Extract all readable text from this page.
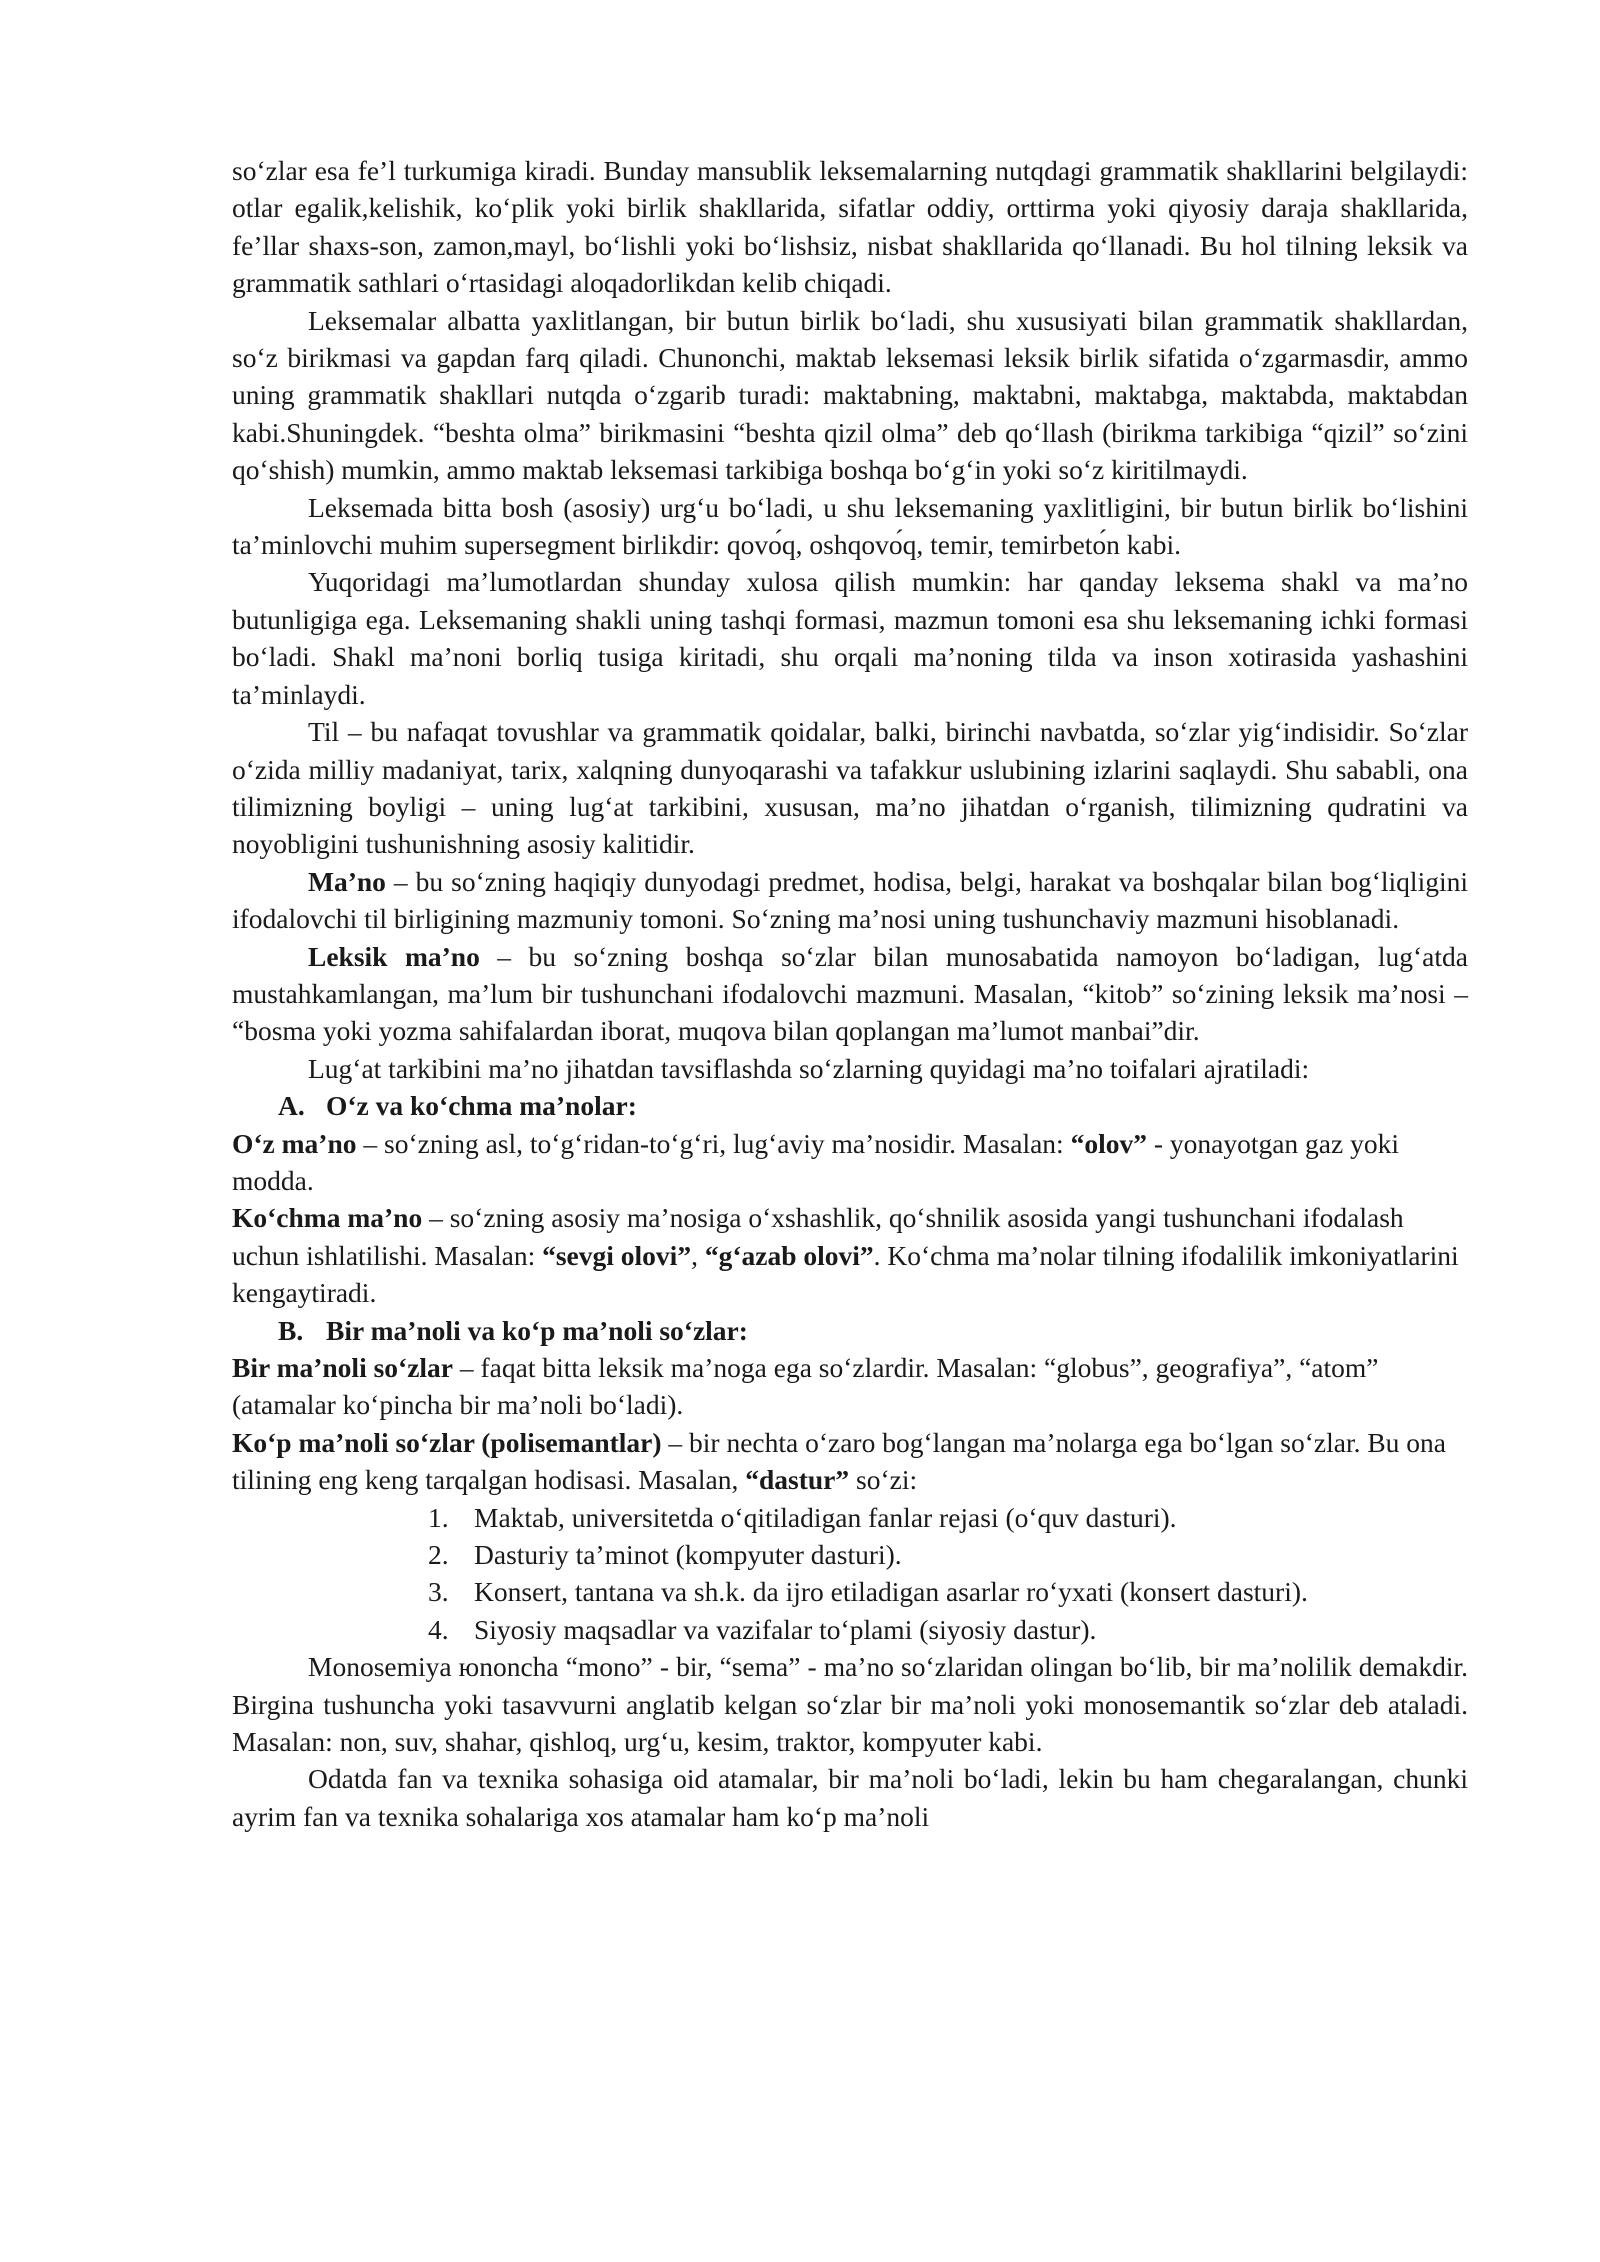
so‘zlar esa fe’l turkumiga kiradi. Bunday mansublik leksemalarning nutqdagi grammatik shakllarini belgilaydi: otlar egalik,kelishik, ko‘plik yoki birlik shakllarida, sifatlar oddiy, orttirma yoki qiyosiy daraja shakllarida, fe’llar shaxs-son, zamon,mayl, bo‘lishli yoki bo‘lishsiz, nisbat shakllarida qo‘llanadi. Bu hol tilning leksik va grammatik sathlari o‘rtasidagi aloqadorlikdan kelib chiqadi.

Leksemalar albatta yaxlitlangan, bir butun birlik bo‘ladi, shu xususiyati bilan grammatik shakllardan, so‘z birikmasi va gapdan farq qiladi. Chunonchi, maktab leksemasi leksik birlik sifatida o‘zgarmasdir, ammo uning grammatik shakllari nutqda o‘zgarib turadi: maktabning, maktabni, maktabga, maktabda, maktabdan kabi.Shuningdek. “beshta olma” birikmasini “beshta qizil olma” deb qo‘llash (birikma tarkibiga “qizil” so‘zini qo‘shish) mumkin, ammo maktab leksemasi tarkibiga boshqa bo‘g‘in yoki so‘z kiritilmaydi.

Leksemada bitta bosh (asosiy) urg‘u bo‘ladi, u shu leksemaning yaxlitligini, bir butun birlik bo‘lishini ta’minlovchi muhim supersegment birlikdir: qovо́q, oshqovо́q, temir, temirbetо́n kabi.

Yuqoridagi ma’lumotlardan shunday xulosa qilish mumkin: har qanday leksema shakl va ma’no butunligiga ega. Leksemaning shakli uning tashqi formasi, mazmun tomoni esa shu leksemaning ichki formasi bo‘ladi. Shakl ma’noni borliq tusiga kiritadi, shu orqali ma’noning tilda va inson xotirasida yashashini ta’minlaydi.

Til – bu nafaqat tovushlar va grammatik qoidalar, balki, birinchi navbatda, so‘zlar yig‘indisidir. So‘zlar o‘zida milliy madaniyat, tarix, xalqning dunyoqarashi va tafakkur uslubining izlarini saqlaydi. Shu sababli, ona tilimizning boyligi – uning lug‘at tarkibini, xususan, ma’no jihatdan o‘rganish, tilimizning qudratini va noyobligini tushunishning asosiy kalitidir.

Ma’no – bu so‘zning haqiqiy dunyodagi predmet, hodisa, belgi, harakat va boshqalar bilan bog‘liqligini ifodalovchi til birligining mazmuniy tomoni. So‘zning ma’nosi uning tushunchaviy mazmuni hisoblanadi.

Leksik ma’no – bu so‘zning boshqa so‘zlar bilan munosabatida namoyon bo‘ladigan, lug‘atda mustahkamlangan, ma’lum bir tushunchani ifodalovchi mazmuni. Masalan, “kitob” so‘zining leksik ma’nosi – “bosma yoki yozma sahifalardan iborat, muqova bilan qoplangan ma’lumot manbai”dir.

Lug‘at tarkibini ma’no jihatdan tavsiflashda so‘zlarning quyidagi ma’no toifalari ajratiladi:

A. O‘z va ko‘chma ma’nolar:

O‘z ma’no – so‘zning asl, to‘g‘ridan-to‘g‘ri, lug‘aviy ma’nosidir. Masalan: “olov” - yonayotgan gaz yoki modda.

Ko‘chma ma’no – so‘zning asosiy ma’nosiga o‘xshashlik, qo‘shnilik asosida yangi tushunchani ifodalash uchun ishlatilishi. Masalan: “sevgi olovi”, “g‘azab olovi”. Ko‘chma ma’nolar tilning ifodalilik imkoniyatlarini kengaytiradi.

B. Bir ma’noli va ko‘p ma’noli so‘zlar:

Bir ma’noli so‘zlar – faqat bitta leksik ma’noga ega so‘zlardir. Masalan: “globus”, geografiya”, “atom” (atamalar ko‘pincha bir ma’noli bo‘ladi).

Ko‘p ma’noli so‘zlar (polisemantlar) – bir nechta o‘zaro bog‘langan ma’nolarga ega bo‘lgan so‘zlar. Bu ona tilining eng keng tarqalgan hodisasi. Masalan, “dastur” so‘zi:

1. Maktab, universitetda o‘qitiladigan fanlar rejasi (o‘quv dasturi).
2. Dasturiy ta’minot (kompyuter dasturi).
3. Konsert, tantana va sh.k. da ijro etiladigan asarlar ro‘yxati (konsert dasturi).
4. Siyosiy maqsadlar va vazifalar to‘plami (siyosiy dastur).

Monosemiya юnoncha “mono” - bir, “sema” - ma’no so‘zlaridan olingan bo‘lib, bir ma’nolilik demakdir. Birgina tushuncha yoki tasavvurni anglatib kelgan so‘zlar bir ma’noli yoki monosemantik so‘zlar deb ataladi. Masalan: non, suv, shahar, qishloq, urg‘u, kesim, traktor, kompyuter kabi.

Odatda fan va texnika sohasiga oid atamalar, bir ma’noli bo‘ladi, lekin bu ham chegaralangan, chunki ayrim fan va texnika sohalariga xos atamalar ham ko‘p ma’noli
